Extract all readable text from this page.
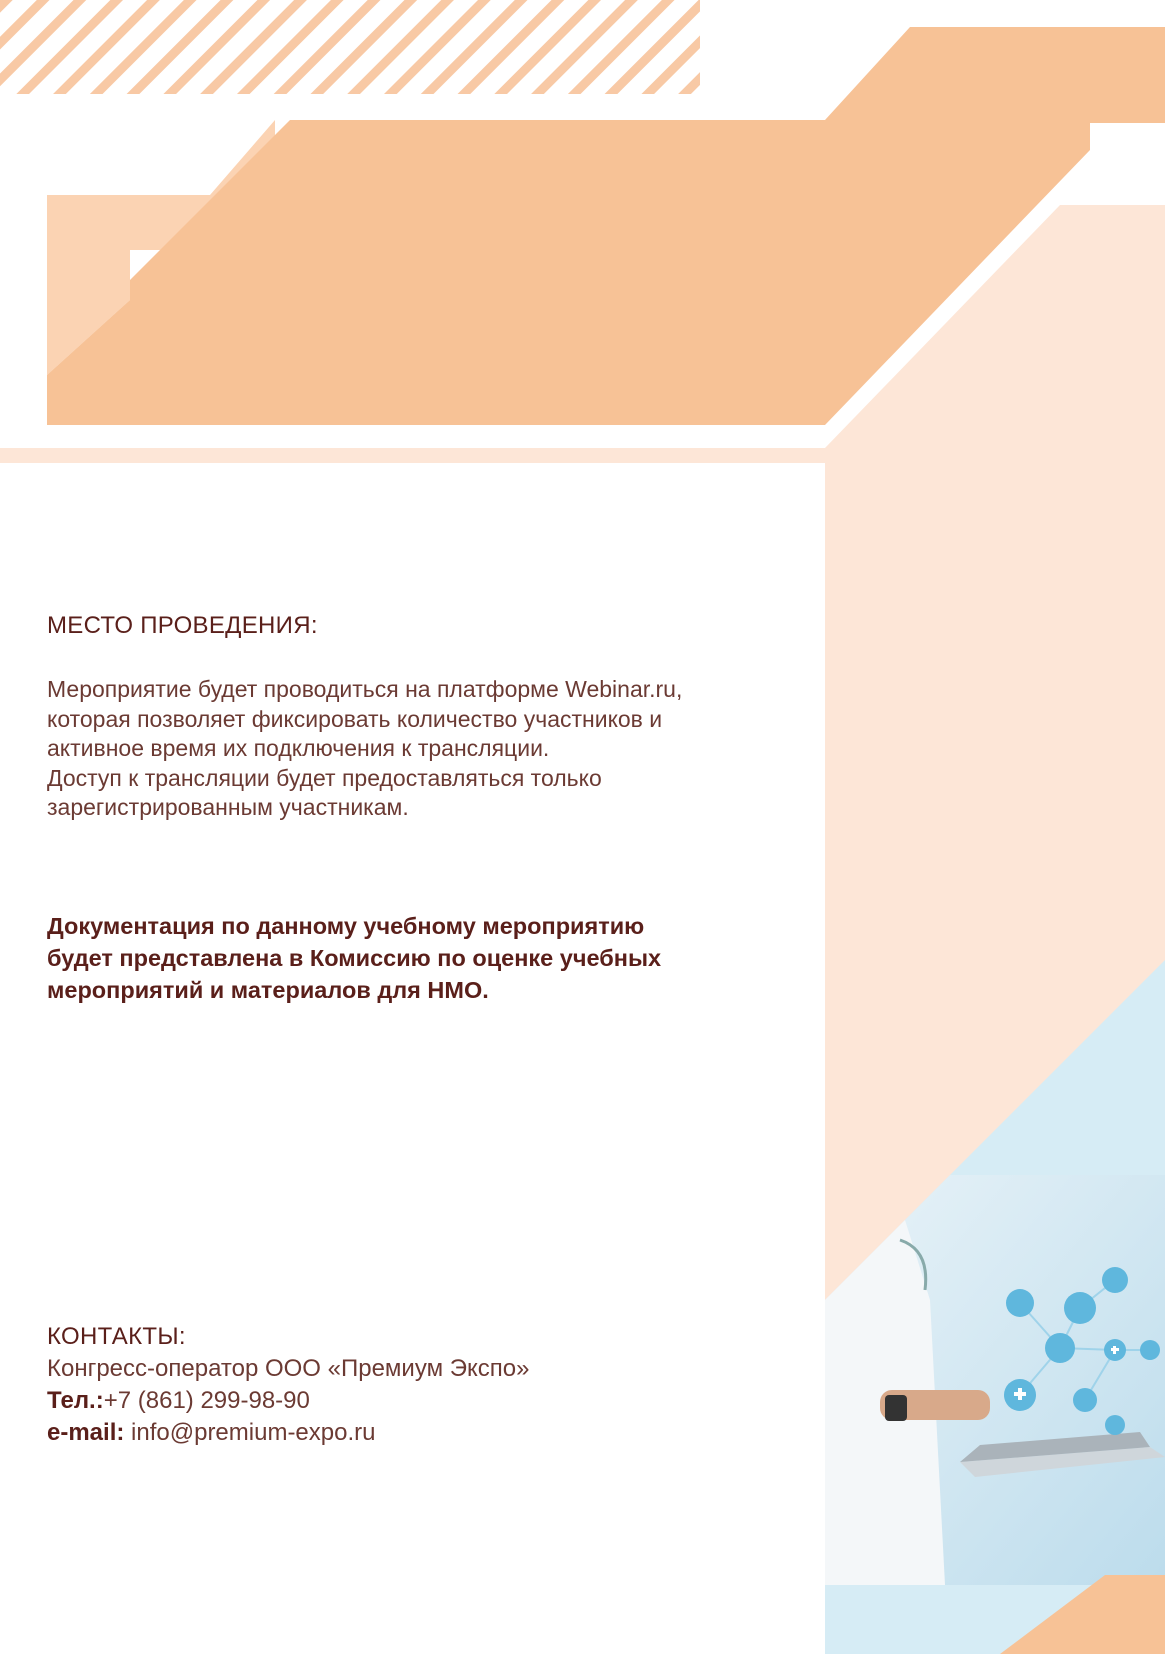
МЕСТО ПРОВЕДЕНИЯ:
Мероприятие будет проводиться на платформе Webinar.ru,
которая позволяет фиксировать количество участников и
активное время их подключения к трансляции.
Доступ к трансляции будет предоставляться только
зарегистрированным участникам.
Документация по данному учебному мероприятию
будет представлена в Комиссию по оценке учебных
мероприятий и материалов для НМО.
КОНТАКТЫ:
Конгресс-оператор ООО «Премиум Экспо»
Тел.:+7 (861) 299-98-90
e-mail: info@premium-expo.ru
